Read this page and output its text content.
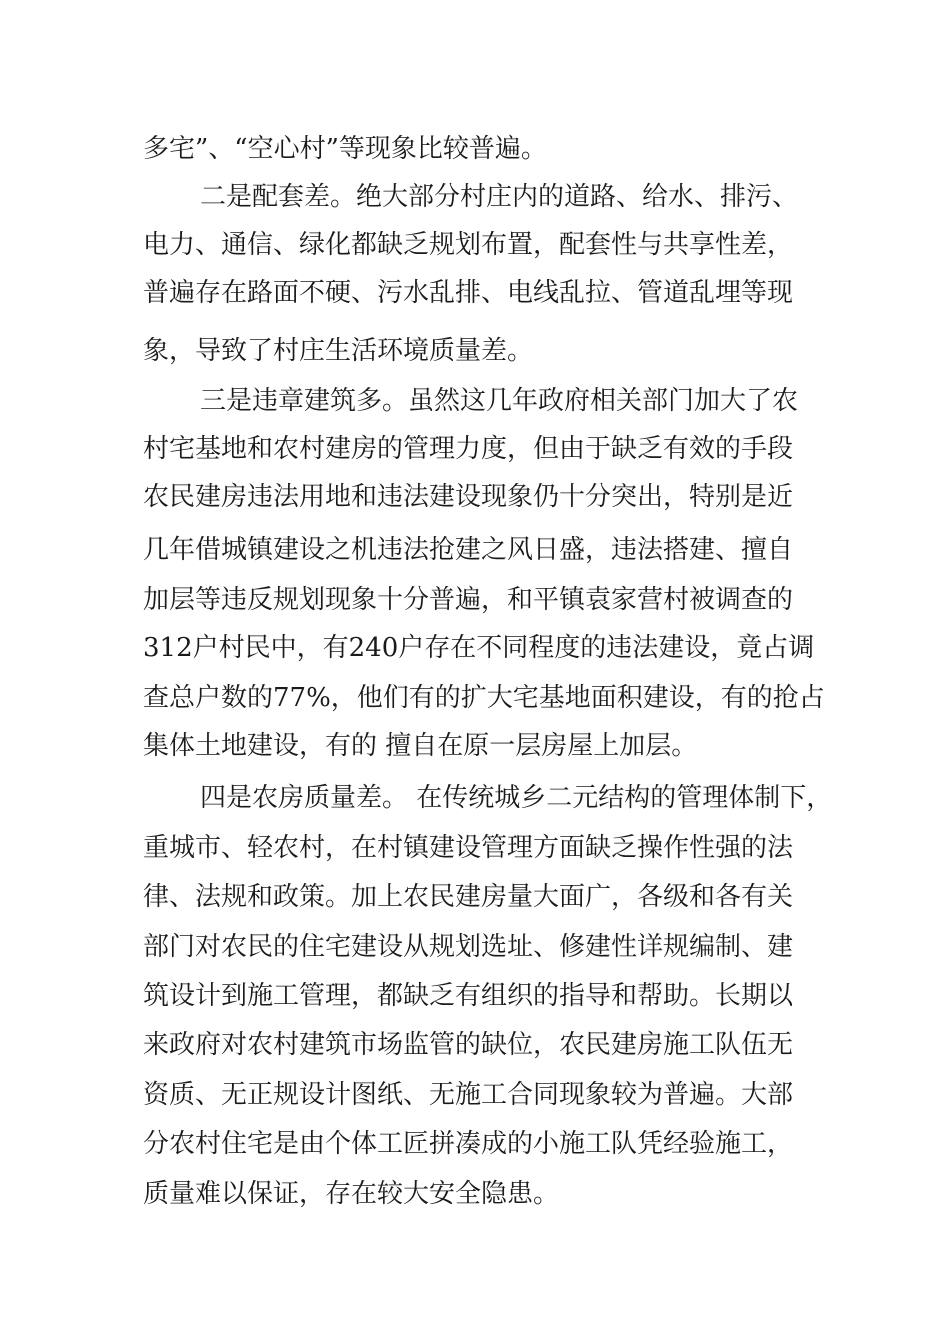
多宅”、“空心村”等现象比较普遍。
二是配套差。绝大部分村庄内的道路、给水、排污、
电力、通信、绿化都缺乏规划布置，配套性与共享性差，
普遍存在路面不硬、污水乱排、电线乱拉、管道乱埋等现
象，导致了村庄生活环境质量差。
三是违章建筑多。虽然这几年政府相关部门加大了农
村宅基地和农村建房的管理力度，但由于缺乏有效的手段
农民建房违法用地和违法建设现象仍十分突出，特别是近
几年借城镇建设之机违法抢建之风日盛，违法搭建、擅自
加层等违反规划现象十分普遍，和平镇袁家营村被调查的
312户村民中，有240户存在不同程度的违法建设，竟占调
查总户数的77%，他们有的扩大宅基地面积建设，有的抢占
集体土地建设，有的 擅自在原一层房屋上加层。
四是农房质量差。 在传统城乡二元结构的管理体制下，
重城市、轻农村，在村镇建设管理方面缺乏操作性强的法
律、法规和政策。加上农民建房量大面广，各级和各有关
部门对农民的住宅建设从规划选址、修建性详规编制、建
筑设计到施工管理，都缺乏有组织的指导和帮助。长期以
来政府对农村建筑市场监管的缺位，农民建房施工队伍无
资质、无正规设计图纸、无施工合同现象较为普遍。大部
分农村住宅是由个体工匠拼凑成的小施工队凭经验施工，
质量难以保证，存在较大安全隐患。
